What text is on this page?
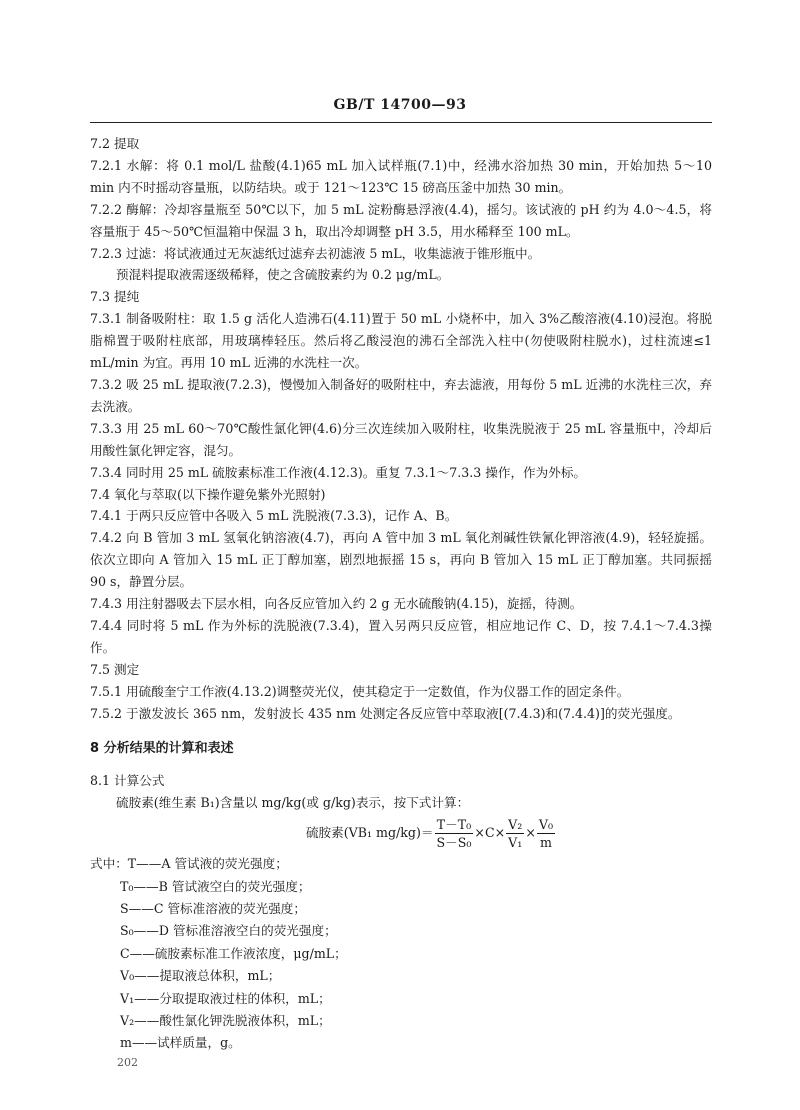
GB/T 14700—93

7.2 提取

7.2.1 水解：将 0.1 mol/L 盐酸(4.1)65 mL 加入试样瓶(7.1)中，经沸水浴加热 30 min，开始加热 5～10 min 内不时摇动容量瓶，以防结块。或于 121～123℃ 15 磅高压釜中加热 30 min。

7.2.2 酶解：冷却容量瓶至 50℃以下，加 5 mL 淀粉酶悬浮液(4.4)，摇匀。该试液的 pH 约为 4.0～4.5，将容量瓶于 45～50℃恒温箱中保温 3 h，取出冷却调整 pH 3.5，用水稀释至 100 mL。

7.2.3 过滤：将试液通过无灰滤纸过滤弃去初滤液 5 mL，收集滤液于锥形瓶中。

预混料提取液需逐级稀释，使之含硫胺素约为 0.2 μg/mL。

7.3 提纯

7.3.1 制备吸附柱：取 1.5 g 活化人造沸石(4.11)置于 50 mL 小烧杯中，加入 3%乙酸溶液(4.10)浸泡。将脱脂棉置于吸附柱底部，用玻璃棒轻压。然后将乙酸浸泡的沸石全部洗入柱中(勿使吸附柱脱水)，过柱流速≤1 mL/min 为宜。再用 10 mL 近沸的水洗柱一次。

7.3.2 吸 25 mL 提取液(7.2.3)，慢慢加入制备好的吸附柱中，弃去滤液，用每份 5 mL 近沸的水洗柱三次，弃去洗液。

7.3.3 用 25 mL 60～70℃酸性氯化钾(4.6)分三次连续加入吸附柱，收集洗脱液于 25 mL 容量瓶中，冷却后用酸性氯化钾定容，混匀。

7.3.4 同时用 25 mL 硫胺素标准工作液(4.12.3)。重复 7.3.1～7.3.3 操作，作为外标。

7.4 氧化与萃取(以下操作避免紫外光照射)

7.4.1 于两只反应管中各吸入 5 mL 洗脱液(7.3.3)，记作 A、B。

7.4.2 向 B 管加 3 mL 氢氧化钠溶液(4.7)，再向 A 管中加 3 mL 氧化剂碱性铁氰化钾溶液(4.9)，轻轻旋摇。依次立即向 A 管加入 15 mL 正丁醇加塞，剧烈地振摇 15 s，再向 B 管加入 15 mL 正丁醇加塞。共同振摇 90 s，静置分层。

7.4.3 用注射器吸去下层水相，向各反应管加入约 2 g 无水硫酸钠(4.15)，旋摇，待测。

7.4.4 同时将 5 mL 作为外标的洗脱液(7.3.4)，置入另两只反应管，相应地记作 C、D，按 7.4.1～7.4.3操作。

7.5 测定

7.5.1 用硫酸奎宁工作液(4.13.2)调整荧光仪，使其稳定于一定数值，作为仪器工作的固定条件。

7.5.2 于激发波长 365 nm，发射波长 435 nm 处测定各反应管中萃取液[(7.4.3)和(7.4.4)]的荧光强度。

8 分析结果的计算和表述

8.1 计算公式

硫胺素(维生素 B₁)含量以 mg/kg(或 g/kg)表示，按下式计算：

硫胺素(VB₁ $mg/kg)= \frac{\text{T－T₀}}{\text{S－S₀}} \times C\times \frac{\text{V₂}}{\text{V₁}} \times \frac{\text{V₀}}{m}$

式中：T——A 管试液的荧光强度；

T₀——B 管试液空白的荧光强度；

S——C 管标准溶液的荧光强度；

S₀——D 管标准溶液空白的荧光强度；

C——硫胺素标准工作液浓度，μg/mL；

V₀——提取液总体积，mL；

V₁——分取提取液过柱的体积，mL；

V₂——酸性氯化钾洗脱液体积，mL；

m——试样质量，g。

202
